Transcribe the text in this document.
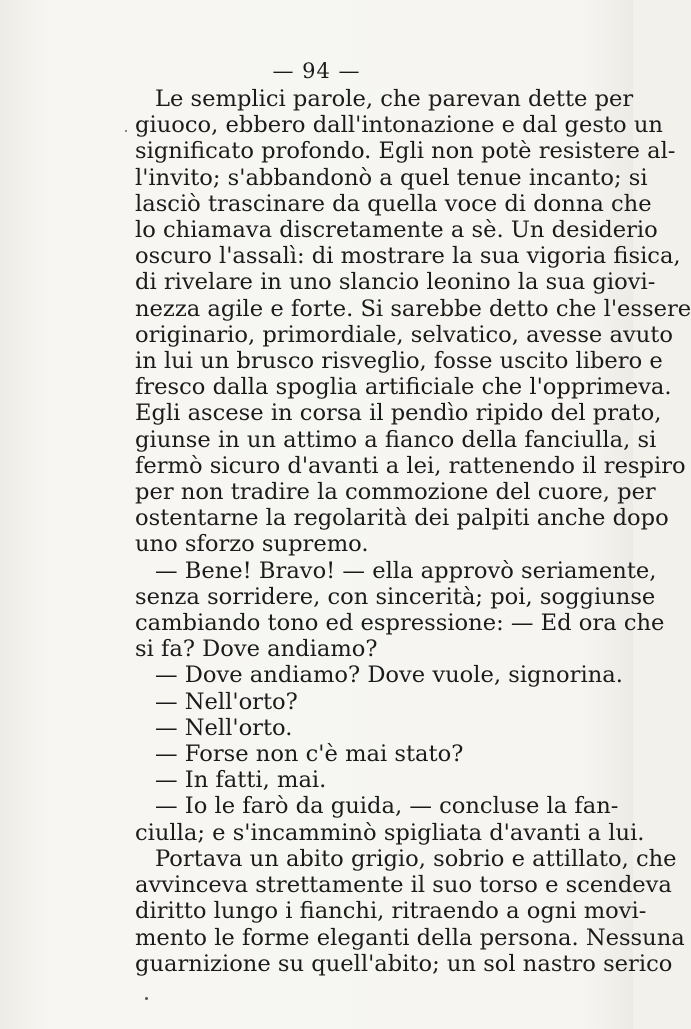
— 94 —
Le semplici parole, che parevan dette per
giuoco, ebbero dall'intonazione e dal gesto un
significato profondo. Egli non potè resistere al-
l'invito; s'abbandonò a quel tenue incanto; si
lasciò trascinare da quella voce di donna che
lo chiamava discretamente a sè. Un desiderio
oscuro l'assalì: di mostrare la sua vigoria fisica,
di rivelare in uno slancio leonino la sua giovi-
nezza agile e forte. Si sarebbe detto che l'essere
originario, primordiale, selvatico, avesse avuto
in lui un brusco risveglio, fosse uscito libero e
fresco dalla spoglia artificiale che l'opprimeva.
Egli ascese in corsa il pendìo ripido del prato,
giunse in un attimo a fianco della fanciulla, si
fermò sicuro d'avanti a lei, rattenendo il respiro
per non tradire la commozione del cuore, per
ostentarne la regolarità dei palpiti anche dopo
uno sforzo supremo.
— Bene! Bravo! — ella approvò seriamente,
senza sorridere, con sincerità; poi, soggiunse
cambiando tono ed espressione: — Ed ora che
si fa? Dove andiamo?
— Dove andiamo? Dove vuole, signorina.
— Nell'orto?
— Nell'orto.
— Forse non c'è mai stato?
— In fatti, mai.
— Io le farò da guida, — concluse la fan-
ciulla; e s'incamminò spigliata d'avanti a lui.
Portava un abito grigio, sobrio e attillato, che
avvinceva strettamente il suo torso e scendeva
diritto lungo i fianchi, ritraendo a ogni movi-
mento le forme eleganti della persona. Nessuna
guarnizione su quell'abito; un sol nastro serico
